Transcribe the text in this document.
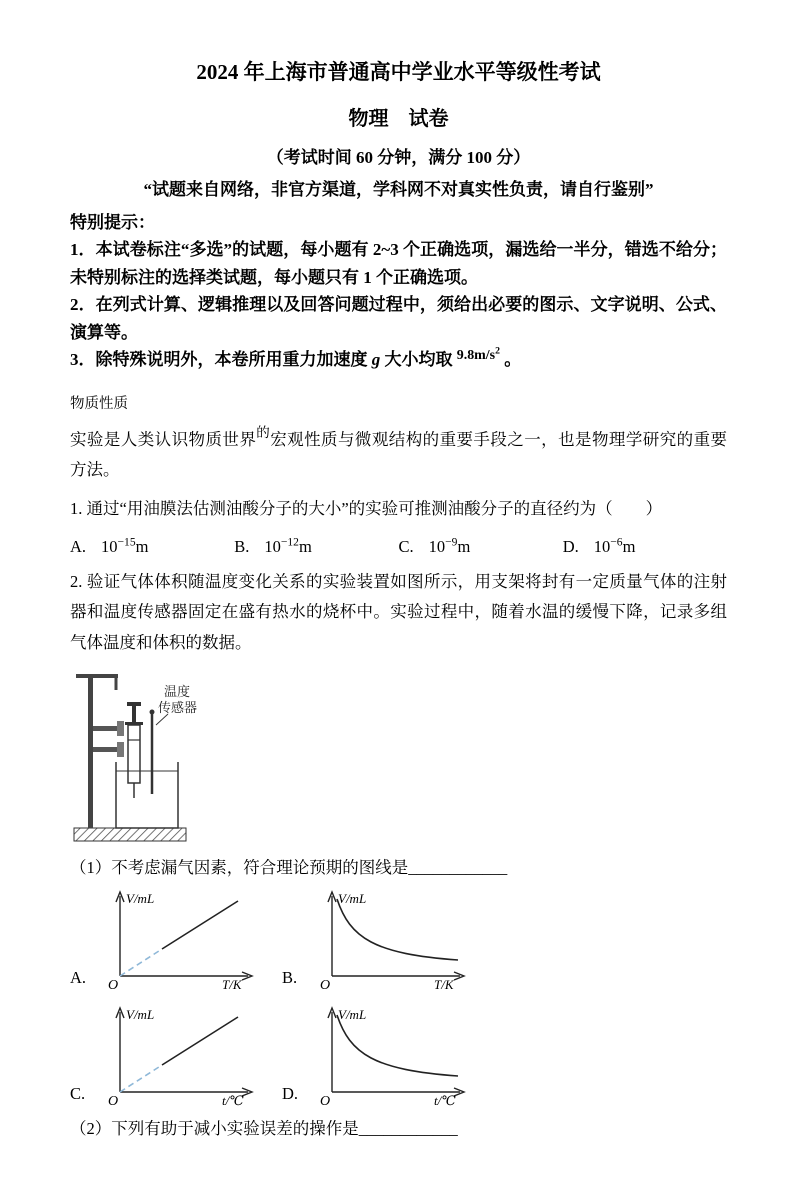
2024 年上海市普通高中学业水平等级性考试
物理　试卷
（考试时间 60 分钟，满分 100 分）
“试题来自网络，非官方渠道，学科网不对真实性负责，请自行鉴别”
特别提示：

1．本试卷标注“多选”的试题，每小题有 2~3 个正确选项，漏选给一半分，错选不给分；未特别标注的选择类试题，每小题只有 1 个正确选项。

2．在列式计算、逻辑推理以及回答问题过程中，须给出必要的图示、文字说明、公式、演算等。

3．除特殊说明外，本卷所用重力加速度 g 大小均取 $^{9.8m/s^2}$ 。

物质性质

实验是人类认识物质世界$^的$宏观性质与微观结构的重要手段之一，也是物理学研究的重要方法。

1. 通过“用油膜法估测油酸分子的大小”的实验可推测油酸分子的直径约为（　　）

A. $10^{-15}m$	B. $10^{-12}m$	C. $10^{-9}m$	D. $10^{-6}m$

2. 验证气体体积随温度变化关系的实验装置如图所示，用支架将封有一定质量气体的注射器和温度传感器固定在盛有热水的烧杯中。实验过程中，随着水温的缓慢下降，记录多组气体温度和体积的数据。

温度
传感器

（1）不考虑漏气因素，符合理论预期的图线是____________

A.	O
V/mL
T/K B.	O
V/mL
T/K
C.	O
V/mL
t/℃ D.	O
V/mL
t/℃

（2）下列有助于减小实验误差的操作是____________
